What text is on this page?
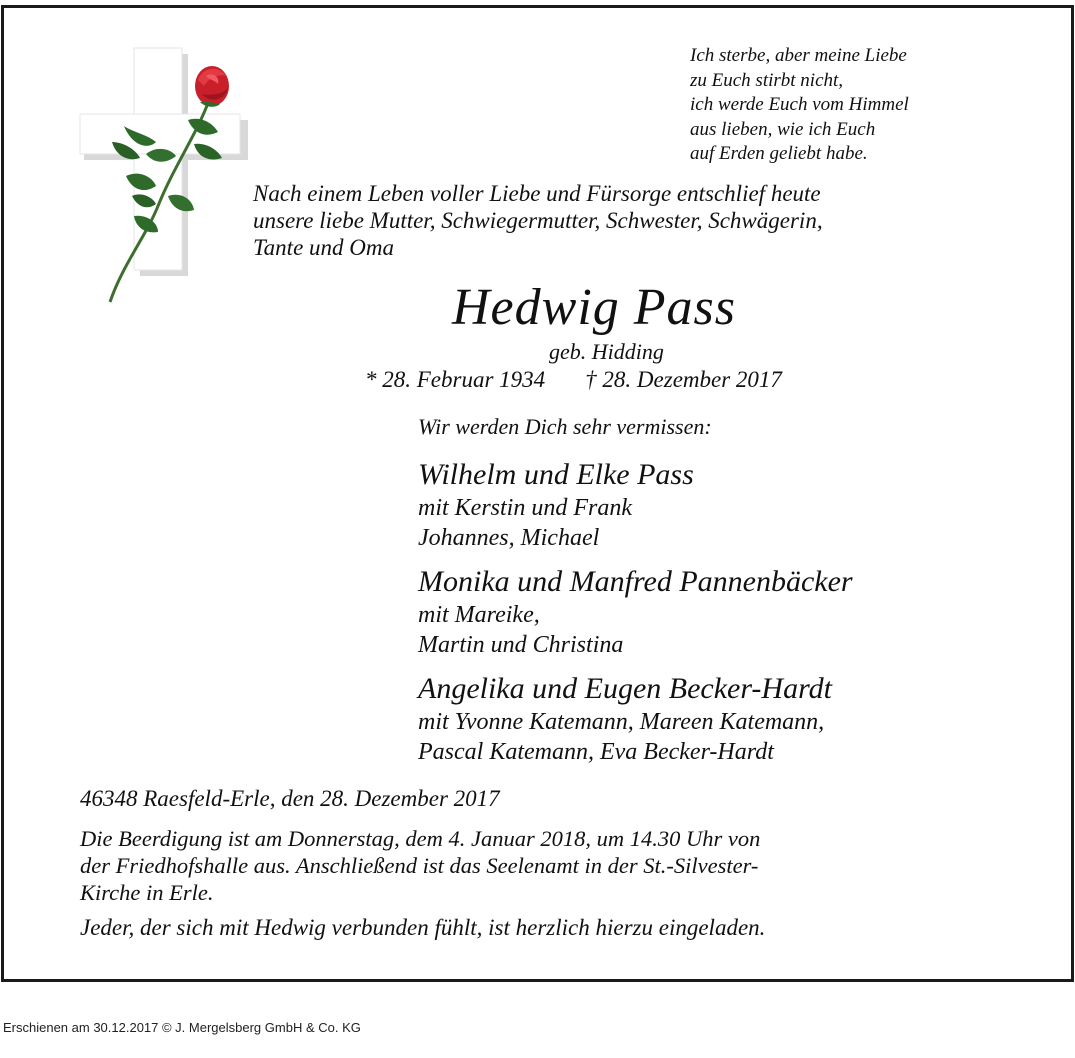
Ich sterbe, aber meine Liebe
zu Euch stirbt nicht,
ich werde Euch vom Himmel
aus lieben, wie ich Euch
auf Erden geliebt habe.
Nach einem Leben voller Liebe und Fürsorge entschlief heute
unsere liebe Mutter, Schwiegermutter, Schwester, Schwägerin,
Tante und Oma
Hedwig Pass
geb. Hidding
* 28. Februar 1934 † 28. Dezember 2017
Wir werden Dich sehr vermissen:
Wilhelm und Elke Pass
mit Kerstin und Frank
Johannes, Michael
Monika und Manfred Pannenbäcker
mit Mareike,
Martin und Christina
Angelika und Eugen Becker-Hardt
mit Yvonne Katemann, Mareen Katemann,
Pascal Katemann, Eva Becker-Hardt
46348 Raesfeld-Erle, den 28. Dezember 2017
Die Beerdigung ist am Donnerstag, dem 4. Januar 2018, um 14.30 Uhr von
der Friedhofshalle aus. Anschließend ist das Seelenamt in der St.-Silvester-
Kirche in Erle.
Jeder, der sich mit Hedwig verbunden fühlt, ist herzlich hierzu eingeladen.
Erschienen am 30.12.2017 © J. Mergelsberg GmbH & Co. KG
